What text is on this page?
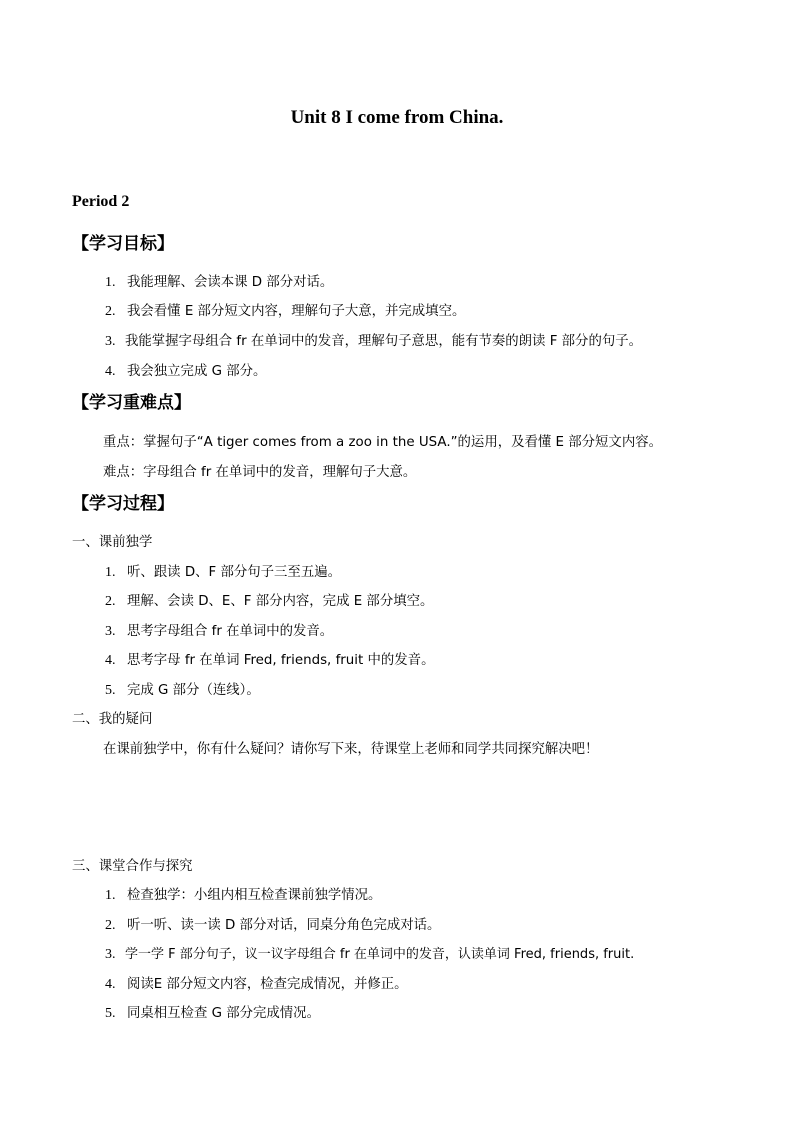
Unit 8 I come from China.
Period 2
【学习目标】
1. 我能理解、会读本课 D 部分对话。
2. 我会看懂 E 部分短文内容，理解句子大意，并完成填空。
3. 我能掌握字母组合 fr 在单词中的发音，理解句子意思，能有节奏的朗读 F 部分的句子。
4. 我会独立完成 G 部分。
【学习重难点】
重点：掌握句子“A tiger comes from a zoo in the USA.”的运用，及看懂 E 部分短文内容。
难点：字母组合 fr 在单词中的发音，理解句子大意。
【学习过程】
一、课前独学
1. 听、跟读 D、F 部分句子三至五遍。
2. 理解、会读 D、E、F 部分内容，完成 E 部分填空。
3. 思考字母组合 fr 在单词中的发音。
4. 思考字母 fr 在单词 Fred, friends, fruit 中的发音。
5. 完成 G 部分（连线）。
二、我的疑问
在课前独学中，你有什么疑问？请你写下来，待课堂上老师和同学共同探究解决吧！
三、课堂合作与探究
1. 检查独学：小组内相互检查课前独学情况。
2. 听一听、读一读 D 部分对话，同桌分角色完成对话。
3. 学一学 F 部分句子，议一议字母组合 fr 在单词中的发音，认读单词 Fred, friends, fruit.
4. 阅读E 部分短文内容，检查完成情况，并修正。
5. 同桌相互检查 G 部分完成情况。
